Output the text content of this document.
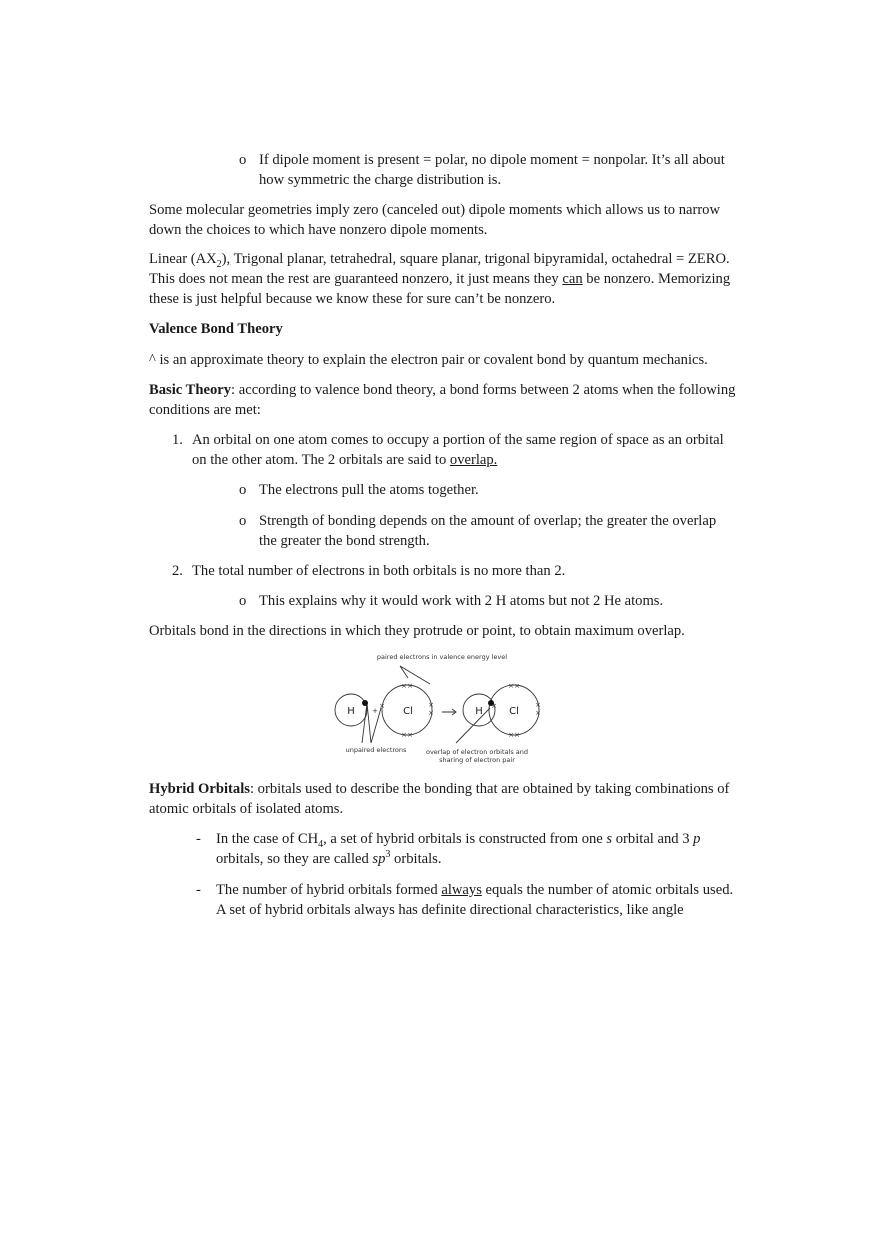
o If dipole moment is present = polar, no dipole moment = nonpolar. It’s all about how symmetric the charge distribution is.

Some molecular geometries imply zero (canceled out) dipole moments which allows us to narrow down the choices to which have nonzero dipole moments.

Linear $(AX_2)$, Trigonal planar, tetrahedral, square planar, trigonal bipyramidal, octahedral = ZERO. This does not mean the rest are guaranteed nonzero, it just means they can be nonzero. Memorizing these is just helpful because we know these for sure can’t be nonzero.

Valence Bond Theory

^ is an approximate theory to explain the electron pair or covalent bond by quantum mechanics.

Basic Theory: according to valence bond theory, a bond forms between 2 atoms when the following conditions are met:

1. An orbital on one atom comes to occupy a portion of the same region of space as an orbital on the other atom. The 2 orbitals are said to overlap.

o The electrons pull the atoms together.

o Strength of bonding depends on the amount of overlap; the greater the overlap the greater the bond strength.

2. The total number of electrons in both orbitals is no more than 2.

o This explains why it would work with 2 H atoms but not 2 He atoms.

Orbitals bond in the directions in which they protrude or point, to obtain maximum overlap.

paired electrons in valence energy level
unpaired electrons	overlap of electron orbitals and
sharing of electron pair
H	Cl	H	Cl
+
× ×
× ×
×
×
×
× ×
× ×
×
×
×

Hybrid Orbitals: orbitals used to describe the bonding that are obtained by taking combinations of atomic orbitals of isolated atoms.

- In the case of $CH_4$, a set of hybrid orbitals is constructed from one s orbital and 3 p orbitals, so they are called $sp^3$ orbitals.

- The number of hybrid orbitals formed always equals the number of atomic orbitals used. A set of hybrid orbitals always has definite directional characteristics, like angle
